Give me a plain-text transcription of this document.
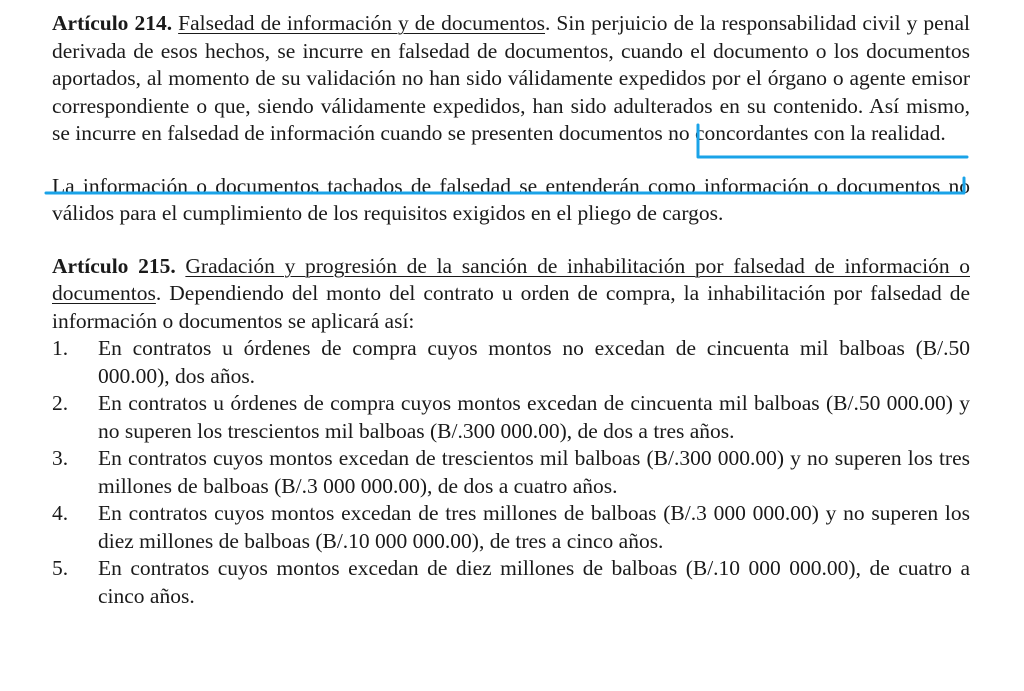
Artículo 214. Falsedad de información y de documentos. Sin perjuicio de la responsabilidad civil y penal derivada de esos hechos, se incurre en falsedad de documentos, cuando el documento o los documentos aportados, al momento de su validación no han sido válidamente expedidos por el órgano o agente emisor correspondiente o que, siendo válidamente expedidos, han sido adulterados en su contenido. Así mismo, se incurre en falsedad de información cuando se presenten documentos no concordantes con la realidad.

La información o documentos tachados de falsedad se entenderán como información o documentos no válidos para el cumplimiento de los requisitos exigidos en el pliego de cargos.

Artículo 215. Gradación y progresión de la sanción de inhabilitación por falsedad de información o documentos. Dependiendo del monto del contrato u orden de compra, la inhabilitación por falsedad de información o documentos se aplicará así:

1.	En contratos u órdenes de compra cuyos montos no excedan de cincuenta mil balboas (B/.50 000.00), dos años.
2.	En contratos u órdenes de compra cuyos montos excedan de cincuenta mil balboas (B/.50 000.00) y no superen los trescientos mil balboas (B/.300 000.00), de dos a tres años.
3.	En contratos cuyos montos excedan de trescientos mil balboas (B/.300 000.00) y no superen los tres millones de balboas (B/.3 000 000.00), de dos a cuatro años.
4.	En contratos cuyos montos excedan de tres millones de balboas (B/.3 000 000.00) y no superen los diez millones de balboas (B/.10 000 000.00), de tres a cinco años.
5.	En contratos cuyos montos excedan de diez millones de balboas (B/.10 000 000.00), de cuatro a cinco años.
